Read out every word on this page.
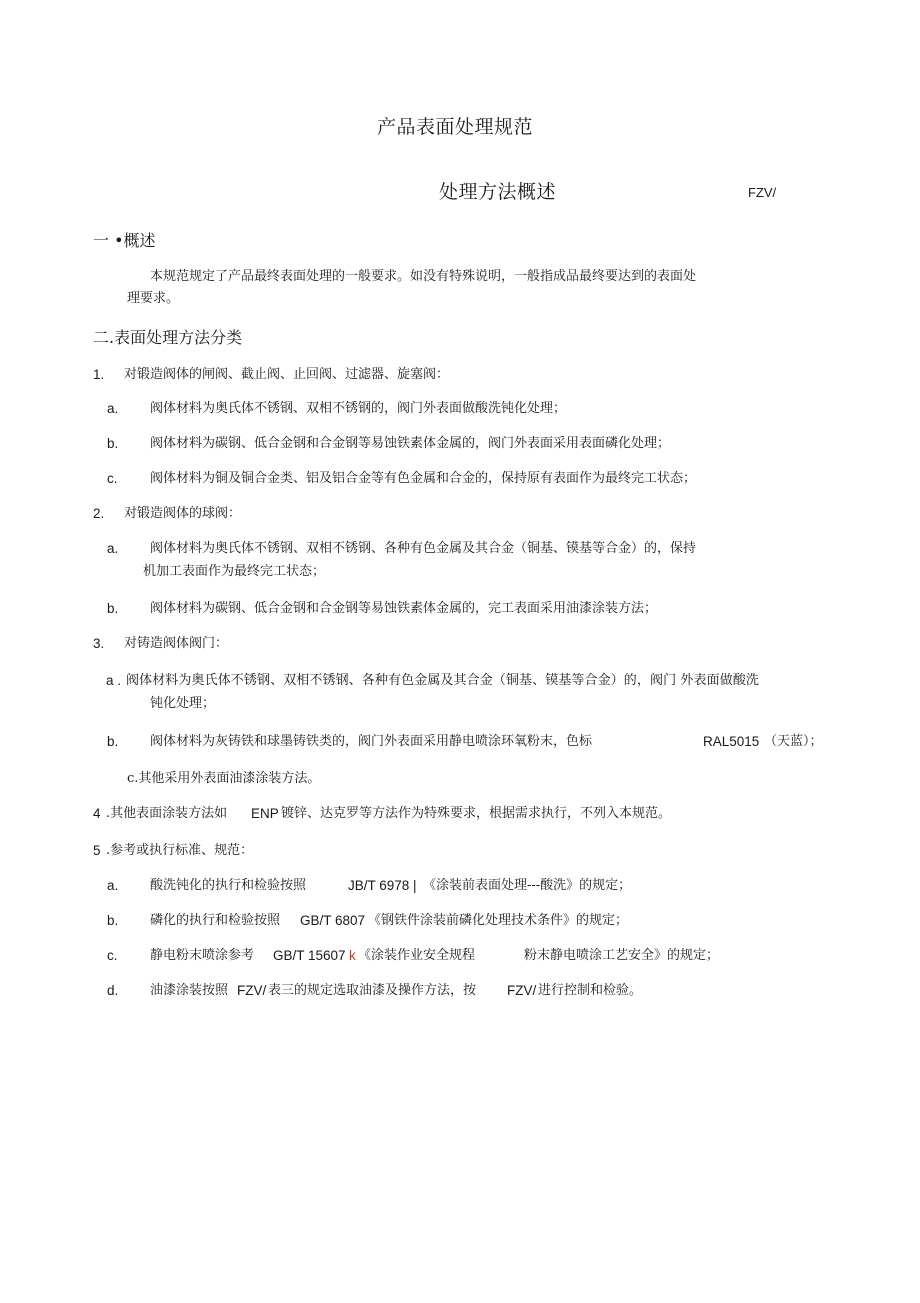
产品表面处理规范
处理方法概述	FZV/
一 •概述
本规范规定了产品最终表面处理的一般要求。如没有特殊说明，一般指成品最终要达到的表面处
理要求。
二.表面处理方法分类
1. 对锻造阀体的闸阀、截止阀、止回阀、过滤器、旋塞阀：
a. 阀体材料为奥氏体不锈钢、双相不锈钢的，阀门外表面做酸洗钝化处理；
b. 阀体材料为碳钢、低合金钢和合金钢等易蚀铁素体金属的，阀门外表面采用表面磷化处理；
c. 阀体材料为铜及铜合金类、铝及铝合金等有色金属和合金的，保持原有表面作为最终完工状态；
2. 对锻造阀体的球阀：
a. 阀体材料为奥氏体不锈钢、双相不锈钢、各种有色金属及其合金（铜基、镆基等合金）的，保持
机加工表面作为最终完工状态；
b. 阀体材料为碳钢、低合金钢和合金钢等易蚀铁素体金属的，完工表面采用油漆涂装方法；
3. 对铸造阀体阀门：
a . 阀体材料为奥氏体不锈钢、双相不锈钢、各种有色金属及其合金（铜基、镆基等合金）的，阀门 外表面做酸洗
钝化处理；
b. 阀体材料为灰铸铁和球墨铸铁类的，阀门外表面采用静电喷涂环氧粉末，色标	RAL5015 （天蓝）；
c.其他采用外表面油漆涂装方法。
4 .其他表面涂装方法如 ENP 镀锌、达克罗等方法作为特殊要求，根据需求执行，不列入本规范。
5 .参考或执行标准、规范：
a. 酸洗钝化的执行和检验按照	JB/T 6978 | 《涂装前表面处理---酸洗》的规定；
b. 磷化的执行和检验按照 GB/T 6807 《钢铁件涂装前磷化处理技术条件》的规定；
c. 静电粉末喷涂参考 GB/T 15607 k 《涂装作业安全规程	粉末静电喷涂工艺安全》的规定；
d. 油漆涂装按照 FZV/ 表三的规定选取油漆及操作方法，按 FZV/ 进行控制和检验。
